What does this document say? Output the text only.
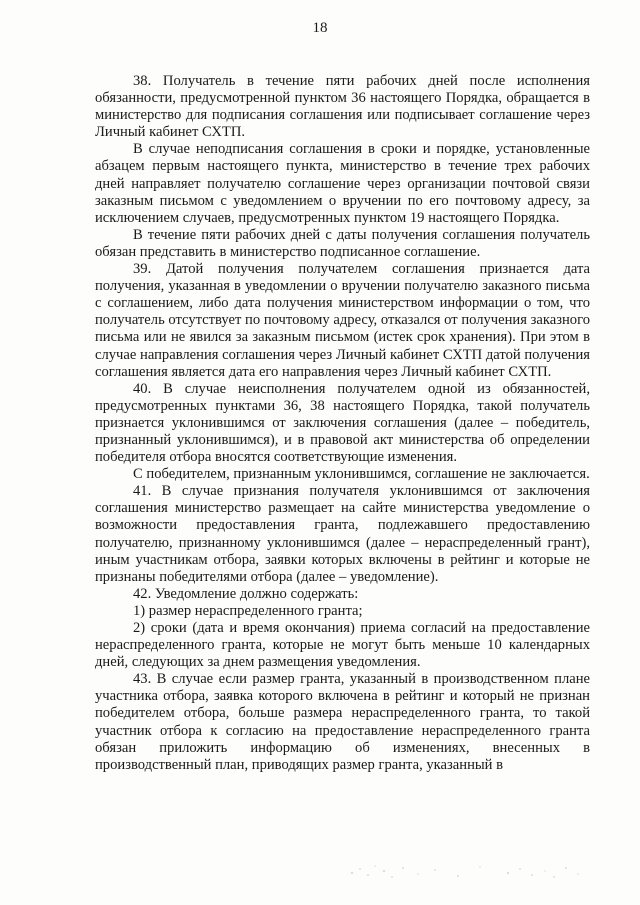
18

38. Получатель в течение пяти рабочих дней после исполнения обязанности, предусмотренной пунктом 36 настоящего Порядка, обращается в министерство для подписания соглашения или подписывает соглашение через Личный кабинет СХТП.

В случае неподписания соглашения в сроки и порядке, установленные абзацем первым настоящего пункта, министерство в течение трех рабочих дней направляет получателю соглашение через организации почтовой связи заказным письмом с уведомлением о вручении по его почтовому адресу, за исключением случаев, предусмотренных пунктом 19 настоящего Порядка.

В течение пяти рабочих дней с даты получения соглашения получатель обязан представить в министерство подписанное соглашение.

39. Датой получения получателем соглашения признается дата получения, указанная в уведомлении о вручении получателю заказного письма с соглашением, либо дата получения министерством информации о том, что получатель отсутствует по почтовому адресу, отказался от получения заказного письма или не явился за заказным письмом (истек срок хранения). При этом в случае направления соглашения через Личный кабинет СХТП датой получения соглашения является дата его направления через Личный кабинет СХТП.

40. В случае неисполнения получателем одной из обязанностей, предусмотренных пунктами 36, 38 настоящего Порядка, такой получатель признается уклонившимся от заключения соглашения (далее – победитель, признанный уклонившимся), и в правовой акт министерства об определении победителя отбора вносятся соответствующие изменения.

С победителем, признанным уклонившимся, соглашение не заключается.

41. В случае признания получателя уклонившимся от заключения соглашения министерство размещает на сайте министерства уведомление о возможности предоставления гранта, подлежавшего предоставлению получателю, признанному уклонившимся (далее – нераспределенный грант), иным участникам отбора, заявки которых включены в рейтинг и которые не признаны победителями отбора (далее – уведомление).

42. Уведомление должно содержать:

1) размер нераспределенного гранта;

2) сроки (дата и время окончания) приема согласий на предоставление нераспределенного гранта, которые не могут быть меньше 10 календарных дней, следующих за днем размещения уведомления.

43. В случае если размер гранта, указанный в производственном плане участника отбора, заявка которого включена в рейтинг и который не признан победителем отбора, больше размера нераспределенного гранта, то такой участник отбора к согласию на предоставление нераспределенного гранта обязан приложить информацию об изменениях, внесенных в производственный план, приводящих размер гранта, указанный в
